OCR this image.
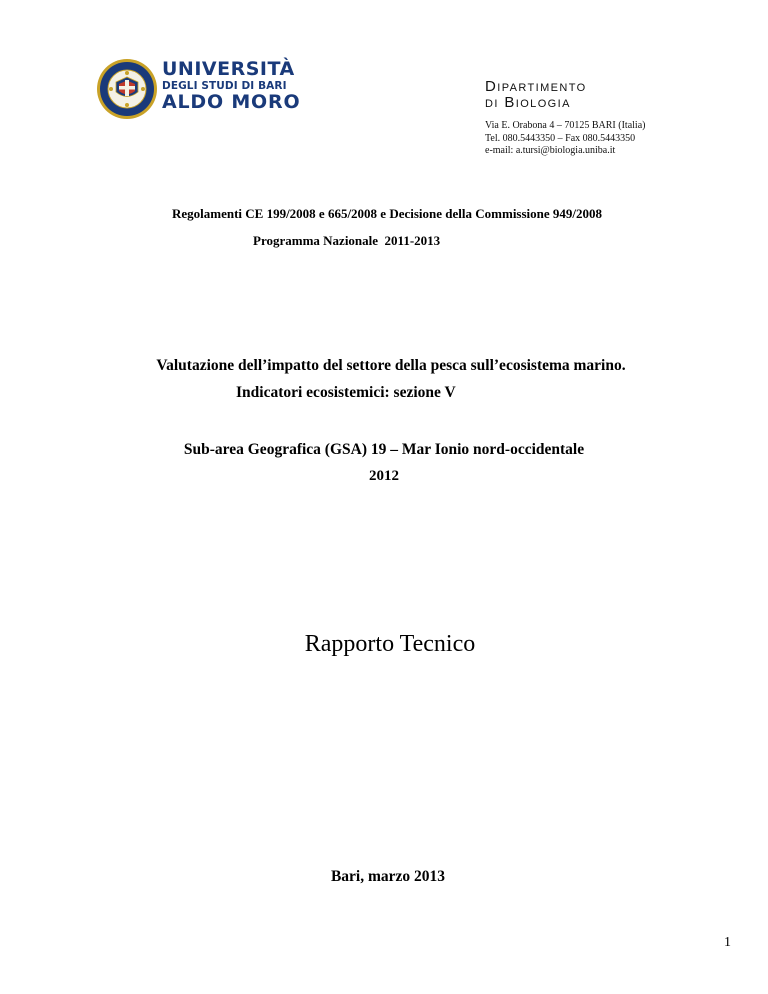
UNIVERSITÀ
DEGLI STUDI DI BARI
ALDO MORO
Dipartimento
di Biologia
Via E. Orabona 4 – 70125 BARI (Italia)
Tel. 080.5443350 – Fax 080.5443350
e-mail: a.tursi@biologia.uniba.it
Regolamenti CE 199/2008 e 665/2008 e Decisione della Commissione 949/2008
Programma Nazionale  2011-2013
Valutazione dell’impatto del settore della pesca sull’ecosistema marino.
Indicatori ecosistemici: sezione V
Sub-area Geografica (GSA) 19 – Mar Ionio nord-occidentale
2012
Rapporto Tecnico
Bari, marzo 2013
1
